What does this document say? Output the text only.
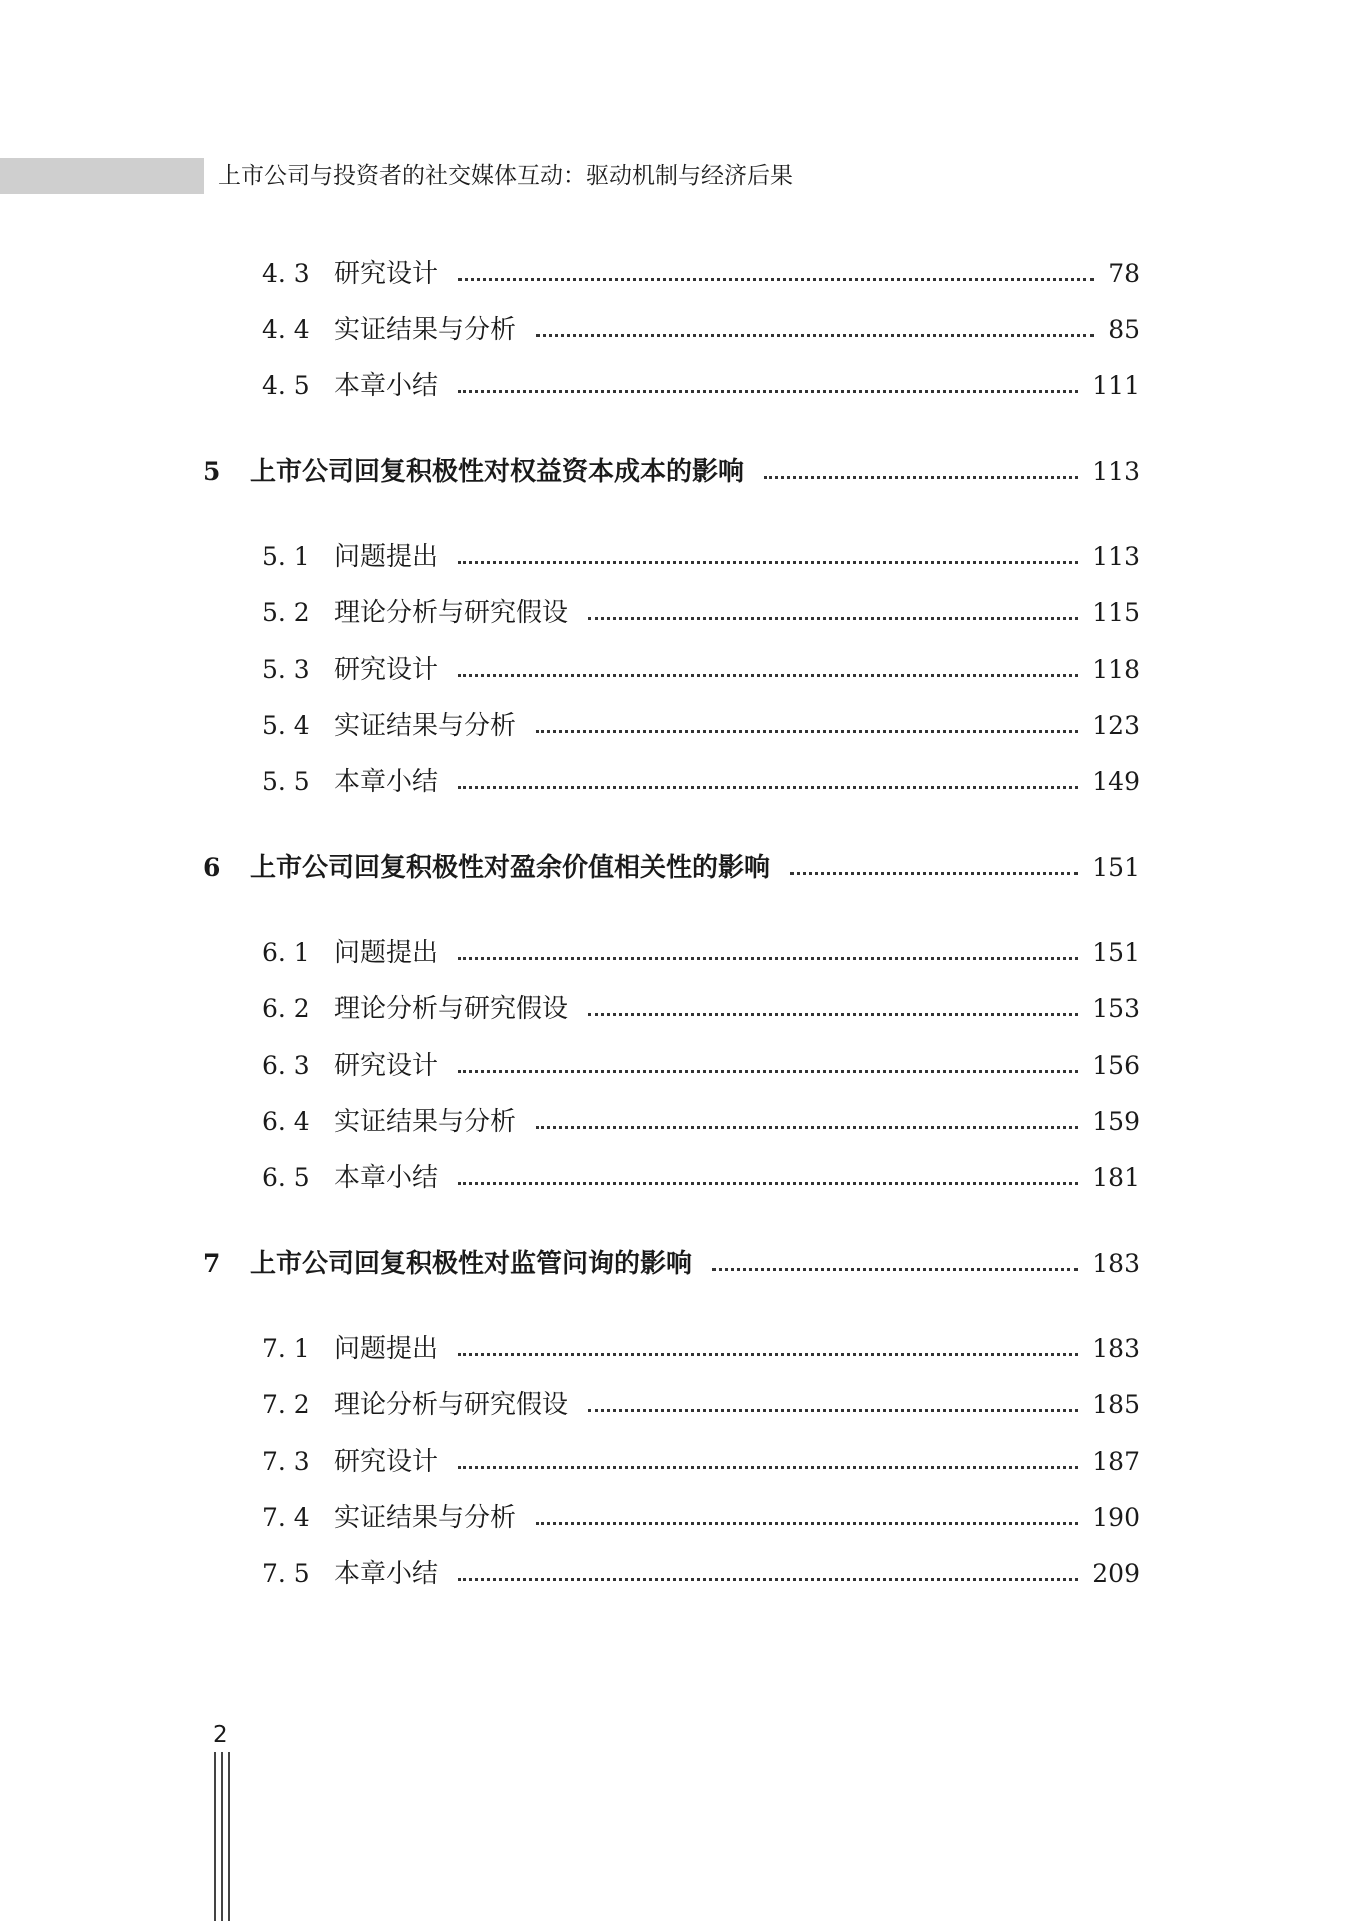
上市公司与投资者的社交媒体互动：驱动机制与经济后果
4. 3 研究设计	78
4. 4 实证结果与分析	85
4. 5 本章小结	111
5 上市公司回复积极性对权益资本成本的影响	113
5. 1 问题提出	113
5. 2 理论分析与研究假设	115
5. 3 研究设计	118
5. 4 实证结果与分析	123
5. 5 本章小结	149
6 上市公司回复积极性对盈余价值相关性的影响	151
6. 1 问题提出	151
6. 2 理论分析与研究假设	153
6. 3 研究设计	156
6. 4 实证结果与分析	159
6. 5 本章小结	181
7 上市公司回复积极性对监管问询的影响	183
7. 1 问题提出	183
7. 2 理论分析与研究假设	185
7. 3 研究设计	187
7. 4 实证结果与分析	190
7. 5 本章小结	209
2
